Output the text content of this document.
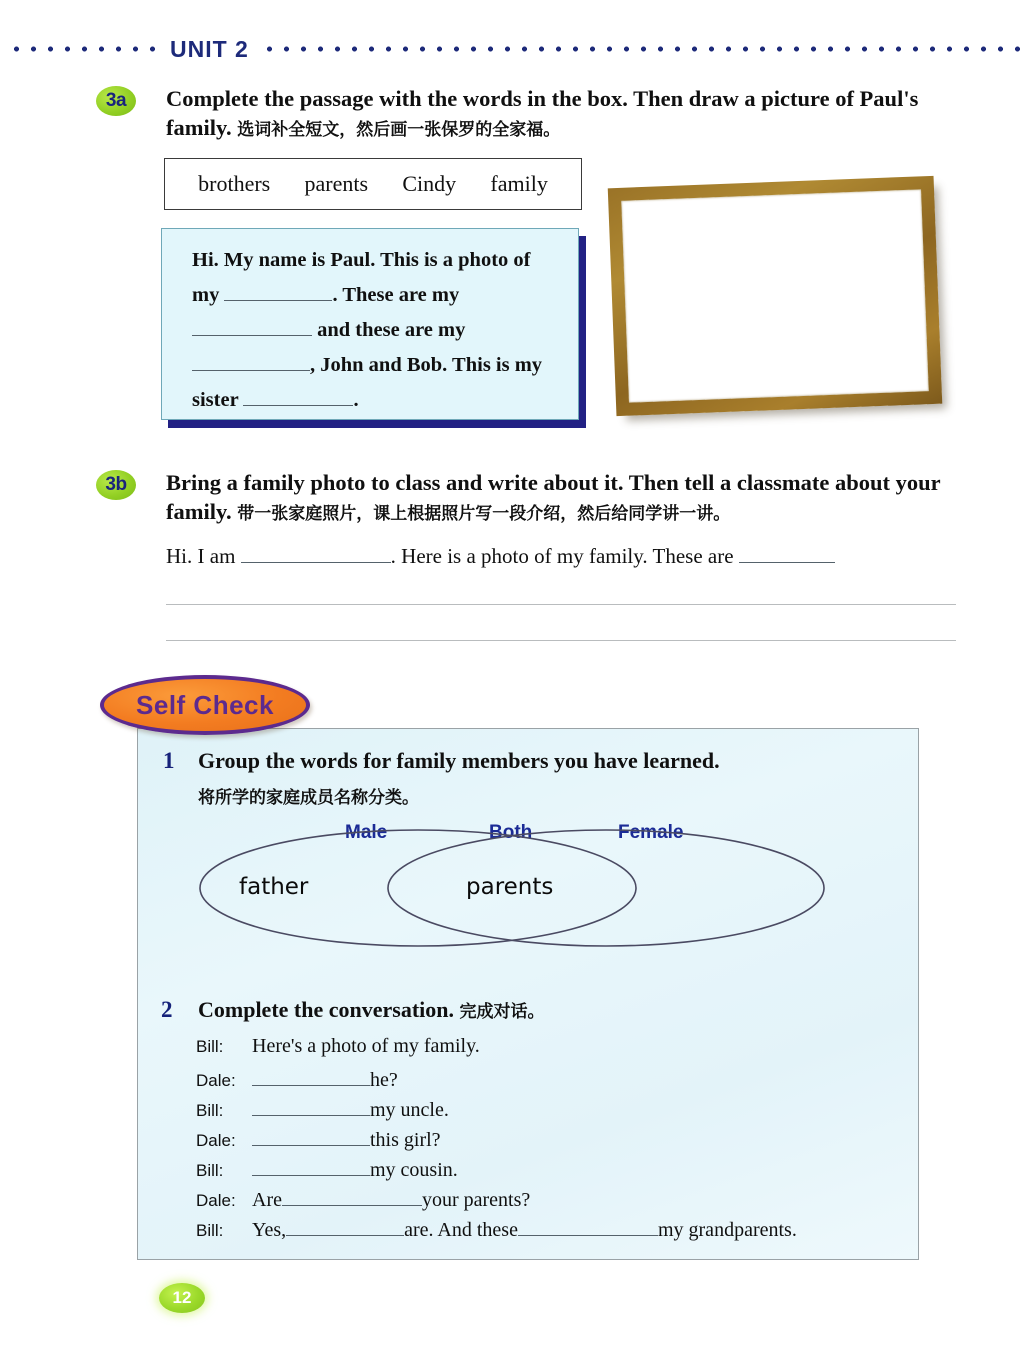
UNIT 2
3a	Complete the passage with the words in the box. Then draw a picture of Paul's family. 选词补全短文，然后画一张保罗的全家福。
brothers parents Cindy family
Hi. My name is Paul. This is a photo of my	. These are my  and these are my , John and Bob. This is my sister	.
3b	Bring a family photo to class and write about it. Then tell a classmate about your family. 带一张家庭照片，课上根据照片写一段介绍，然后给同学讲一讲。
Hi. I am	. Here is a photo of my family. These are
Self Check
1 Group the words for family members you have learned.
将所学的家庭成员名称分类。
Male	Both	Female
father	parents
2 Complete the conversation. 完成对话。
Bill:	Here's a photo of my family.
Dale:	he?
Bill:	my uncle.
Dale:	this girl?
Bill:	my cousin.
Dale: Are	your parents?
Bill:	Yes,	are. And these	my grandparents.
12
